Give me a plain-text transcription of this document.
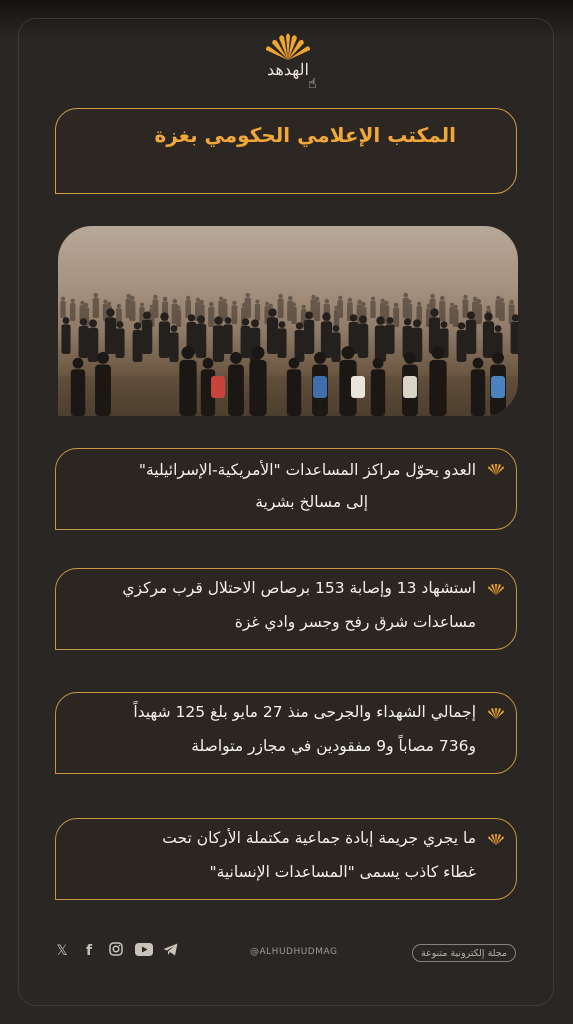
الهدهد
☝
المكتب الإعلامي الحكومي بغزة
العدو يحوّل مراكز المساعدات "الأمريكية-الإسرائيلية"
إلى مسالخ بشرية
استشهاد 13 وإصابة 153 برصاص الاحتلال قرب مركزي
مساعدات شرق رفح وجسر وادي غزة
إجمالي الشهداء والجرحى منذ 27 مايو بلغ 125 شهيداً
و736 مصاباً و9 مفقودين في مجازر متواصلة
ما يجري جريمة إبادة جماعية مكتملة الأركان تحت
غطاء كاذب يسمى "المساعدات الإنسانية"
𝕏	f	@ALHUDHUDMAG	مجلة إلكترونية متنوعة
